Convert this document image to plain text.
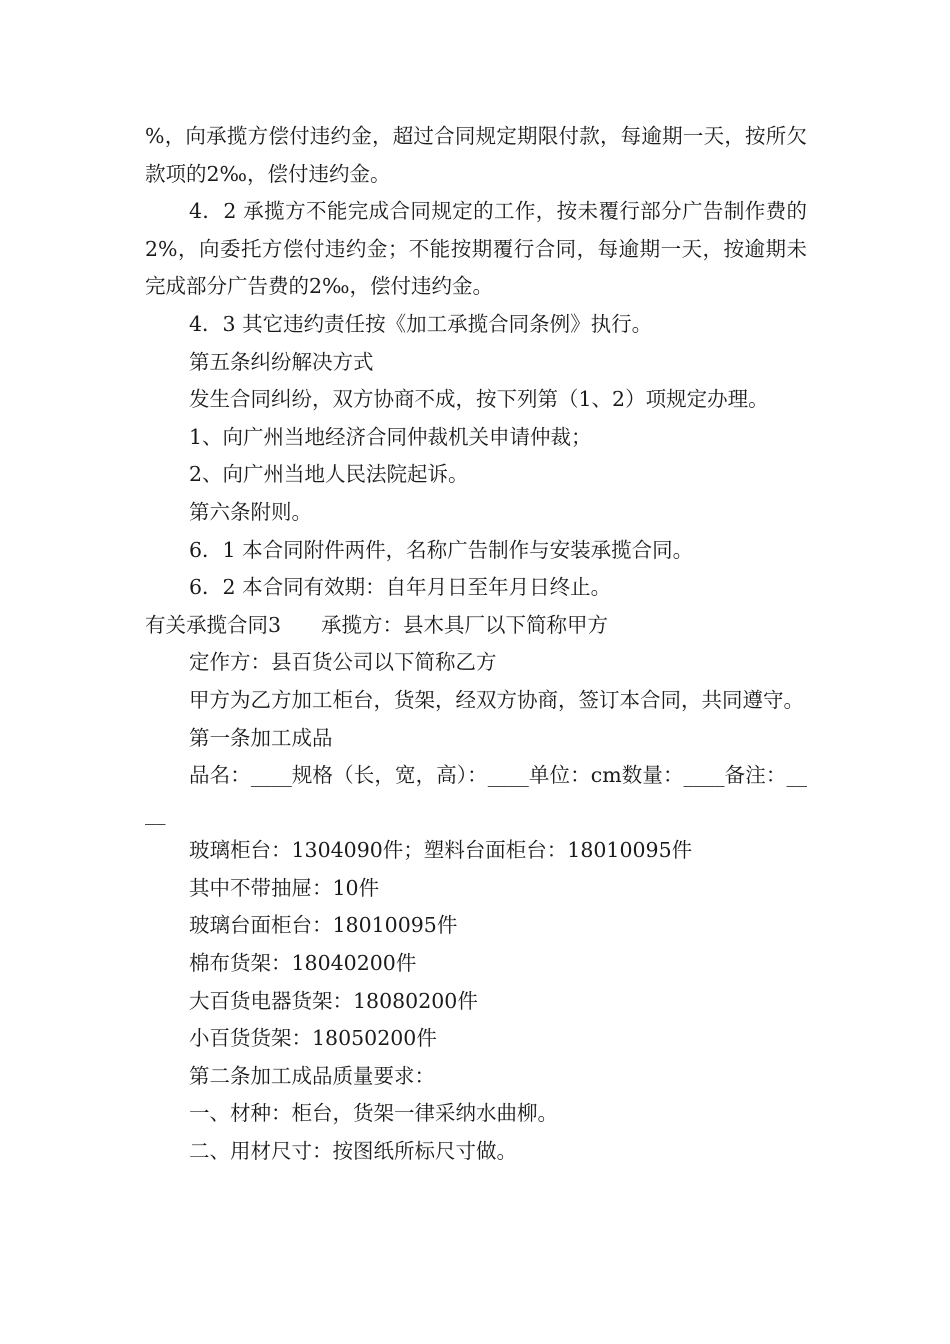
%，向承揽方偿付违约金，超过合同规定期限付款，每逾期一天，按所欠款项的2‰，偿付违约金。

4．2 承揽方不能完成合同规定的工作，按未覆行部分广告制作费的2%，向委托方偿付违约金；不能按期覆行合同，每逾期一天，按逾期未完成部分广告费的2‰，偿付违约金。

4．3 其它违约责任按《加工承揽合同条例》执行。

第五条纠纷解决方式

发生合同纠纷，双方协商不成，按下列第（1、2）项规定办理。

1、向广州当地经济合同仲裁机关申请仲裁；

2、向广州当地人民法院起诉。

第六条附则。

6．1 本合同附件两件，名称广告制作与安装承揽合同。

6．2 本合同有效期：自年月日至年月日终止。

有关承揽合同3 承揽方：县木具厂以下简称甲方

定作方：县百货公司以下简称乙方

甲方为乙方加工柜台，货架，经双方协商，签订本合同，共同遵守。

第一条加工成品

品名：____规格（长，宽，高）：____单位：cm数量：____备注：____

玻璃柜台：1304090件；塑料台面柜台：18010095件

其中不带抽屉：10件

玻璃台面柜台：18010095件

棉布货架：18040200件

大百货电器货架：18080200件

小百货货架：18050200件

第二条加工成品质量要求：

一、材种：柜台，货架一律采纳水曲柳。

二、用材尺寸：按图纸所标尺寸做。
